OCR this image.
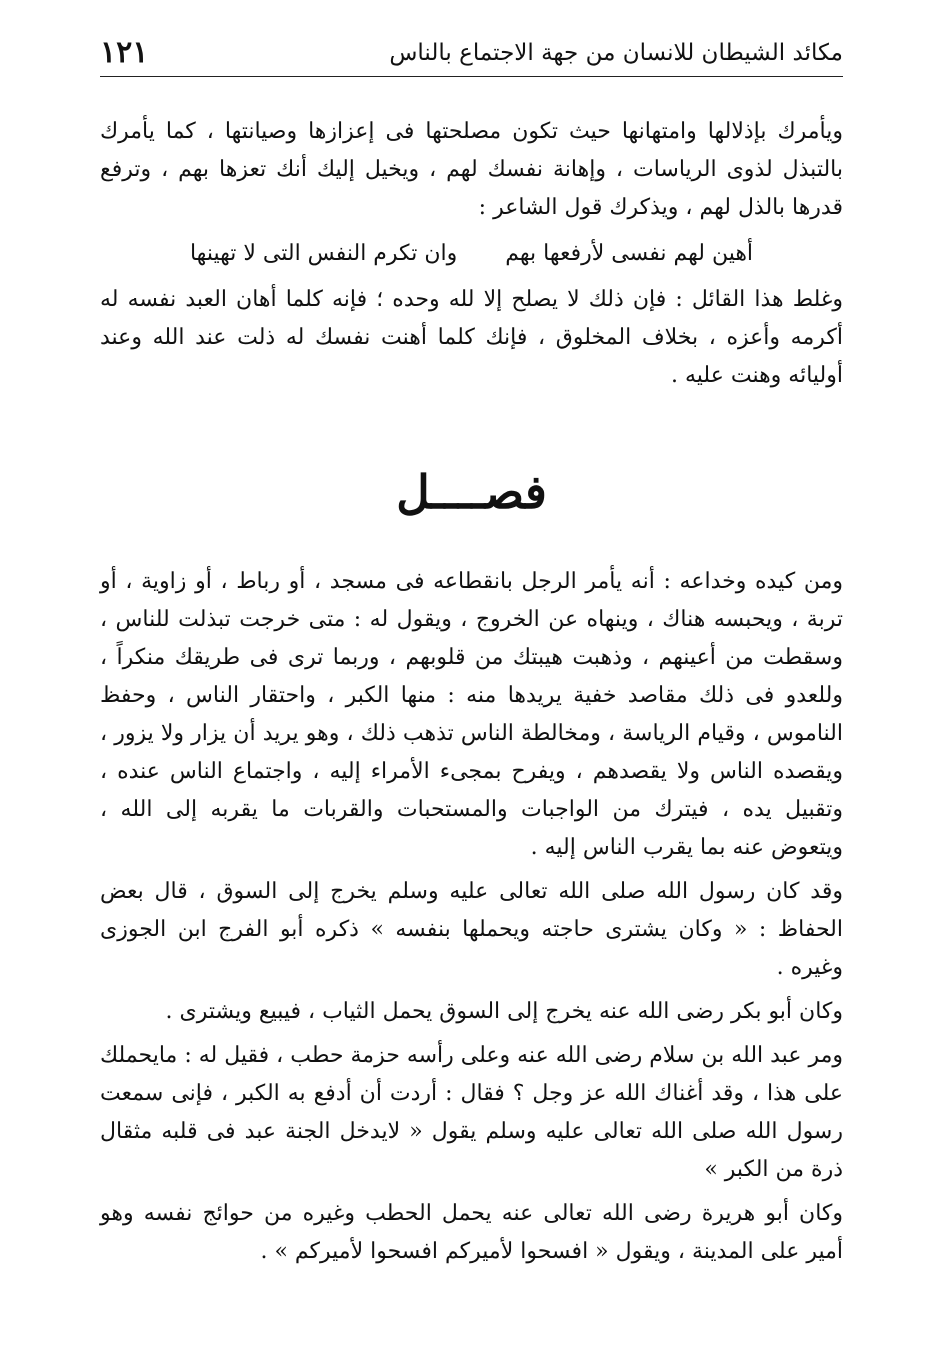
مكائد الشيطان للانسان من جهة الاجتماع بالناس
١٢١

ويأمرك بإذلالها وامتهانها حيث تكون مصلحتها فى إعزازها وصيانتها ، كما يأمرك بالتبذل لذوى الرياسات ، وإهانة نفسك لهم ، ويخيل إليك أنك تعزها بهم ، وترفع قدرها بالذل لهم ، ويذكرك قول الشاعر :

أهين لهم نفسى لأرفعها بهم
وان تكرم النفس التى لا تهينها

وغلط هذا القائل : فإن ذلك لا يصلح إلا لله وحده ؛ فإنه كلما أهان العبد نفسه له أكرمه وأعزه ، بخلاف المخلوق ، فإنك كلما أهنت نفسك له ذلت عند الله وعند أوليائه وهنت عليه .

فصــــل

ومن كيده وخداعه : أنه يأمر الرجل بانقطاعه فى مسجد ، أو رباط ، أو زاوية ، أو تربة ، ويحبسه هناك ، وينهاه عن الخروج ، ويقول له : متى خرجت تبذلت للناس ، وسقطت من أعينهم ، وذهبت هيبتك من قلوبهم ، وربما ترى فى طريقك منكراً ، وللعدو فى ذلك مقاصد خفية يريدها منه : منها الكبر ، واحتقار الناس ، وحفظ الناموس ، وقيام الرياسة ، ومخالطة الناس تذهب ذلك ، وهو يريد أن يزار ولا يزور ، ويقصده الناس ولا يقصدهم ، ويفرح بمجىء الأمراء إليه ، واجتماع الناس عنده ، وتقبيل يده ، فيترك من الواجبات والمستحبات والقربات ما يقربه إلى الله ، ويتعوض عنه بما يقرب الناس إليه .

وقد كان رسول الله صلى الله تعالى عليه وسلم يخرج إلى السوق ، قال بعض الحفاظ : « وكان يشترى حاجته ويحملها بنفسه » ذكره أبو الفرج ابن الجوزى وغيره .

وكان أبو بكر رضى الله عنه يخرج إلى السوق يحمل الثياب ، فيبيع ويشترى .

ومر عبد الله بن سلام رضى الله عنه وعلى رأسه حزمة حطب ، فقيل له : مايحملك على هذا ، وقد أغناك الله عز وجل ؟ فقال : أردت أن أدفع به الكبر ، فإنى سمعت رسول الله صلى الله تعالى عليه وسلم يقول « لايدخل الجنة عبد فى قلبه مثقال ذرة من الكبر »

وكان أبو هريرة رضى الله تعالى عنه يحمل الحطب وغيره من حوائج نفسه وهو أمير على المدينة ، ويقول « افسحوا لأميركم افسحوا لأميركم » .
